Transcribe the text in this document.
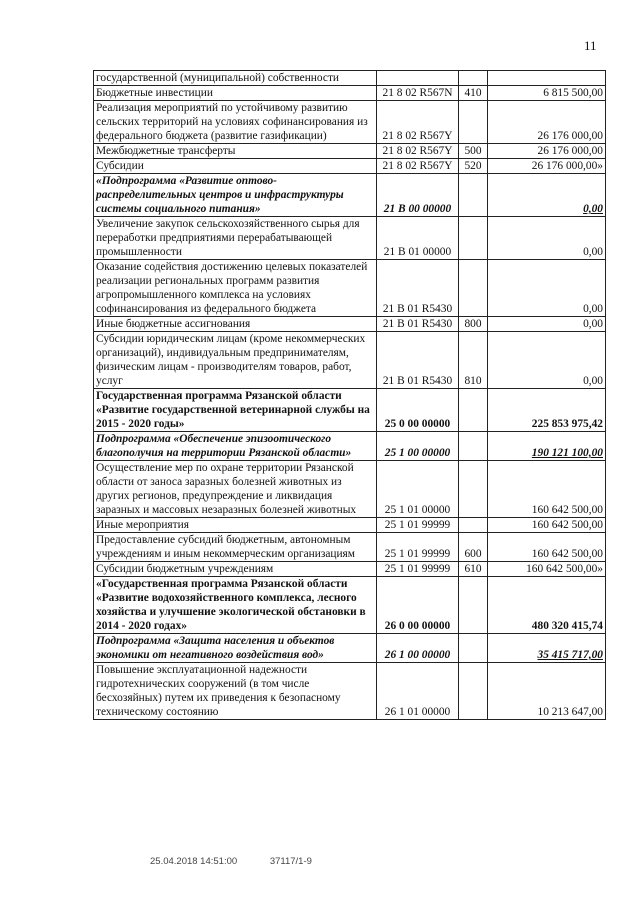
11
государственной (муниципальной) собственности			
Бюджетные инвестиции	21 8 02 R567N	410	6 815 500,00
Реализация мероприятий по устойчивому развитию сельских территорий на условиях софинансирования из федерального бюджета (развитие газификации)	21 8 02 R567Y		26 176 000,00
Межбюджетные трансферты	21 8 02 R567Y	500	26 176 000,00
Субсидии	21 8 02 R567Y	520	26 176 000,00»
«Подпрограмма «Развитие оптово-распределительных центров и инфраструктуры системы социального питания»	21 В 00 00000		0,00
Увеличение закупок сельскохозяйственного сырья для переработки предприятиями перерабатывающей промышленности	21 В 01 00000		0,00
Оказание содействия достижению целевых показателей реализации региональных программ развития агропромышленного комплекса на условиях софинансирования из федерального бюджета	21 В 01 R5430		0,00
Иные бюджетные ассигнования	21 В 01 R5430	800	0,00
Субсидии юридическим лицам (кроме некоммерческих организаций), индивидуальным предпринимателям, физическим лицам - производителям товаров, работ, услуг	21 В 01 R5430	810	0,00
Государственная программа Рязанской области «Развитие государственной ветеринарной службы на 2015 - 2020 годы»	25 0 00 00000		225 853 975,42
Подпрограмма «Обеспечение эпизоотического благополучия на территории Рязанской области»	25 1 00 00000		190 121 100,00
Осуществление мер по охране территории Рязанской области от заноса заразных болезней животных из других регионов, предупреждение и ликвидация заразных и массовых незаразных болезней животных	25 1 01 00000		160 642 500,00
Иные мероприятия	25 1 01 99999		160 642 500,00
Предоставление субсидий бюджетным, автономным учреждениям и иным некоммерческим организациям	25 1 01 99999	600	160 642 500,00
Субсидии бюджетным учреждениям	25 1 01 99999	610	160 642 500,00»
«Государственная программа Рязанской области «Развитие водохозяйственного комплекса, лесного хозяйства и улучшение экологической обстановки в 2014 - 2020 годах»	26 0 00 00000		480 320 415,74
Подпрограмма «Защита населения и объектов экономики от негативного воздействия вод»	26 1 00 00000		35 415 717,00
Повышение эксплуатационной надежности гидротехнических сооружений (в том числе бесхозяйных) путем их приведения к безопасному техническому состоянию	26 1 01 00000		10 213 647,00
25.04.2018 14:51:00	37117/1-9
